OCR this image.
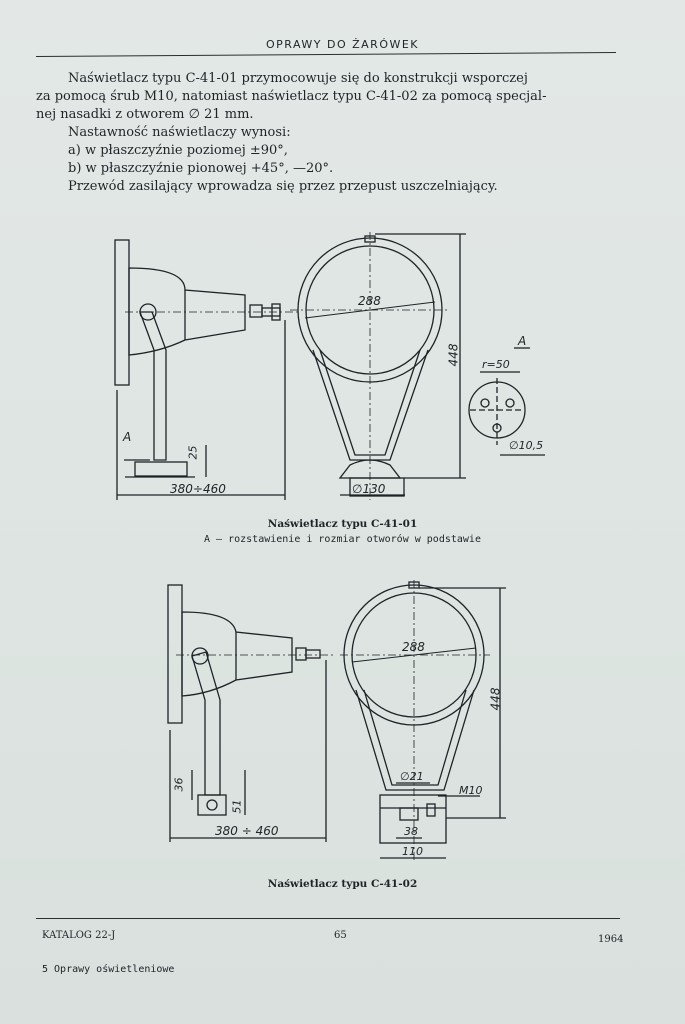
OPRAWY DO ŻARÓWEK
Naświetlacz typu C-41-01 przymocowuje się do konstrukcji wsporczej
za pomocą śrub M10, natomiast naświetlacz typu C-41-02 za pomocą specjal-
nej nasadki z otworem ∅ 21 mm.
Nastawność naświetlaczy wynosi:
a) w płaszczyźnie poziomej ±90°,
b) w płaszczyźnie pionowej +45°, —20°.
Przewód zasilający wprowadza się przez przepust uszczelniający.
288
448
∅130
380÷460
25
A
A
r=50
∅10,5
Naświetlacz typu C-41-01
A — rozstawienie i rozmiar otworów w podstawie
288
448
∅21
M10
380 ÷ 460
36
51
38
110
Naświetlacz typu C-41-02
KATALOG 22-J	65	1964
5 Oprawy oświetleniowe
